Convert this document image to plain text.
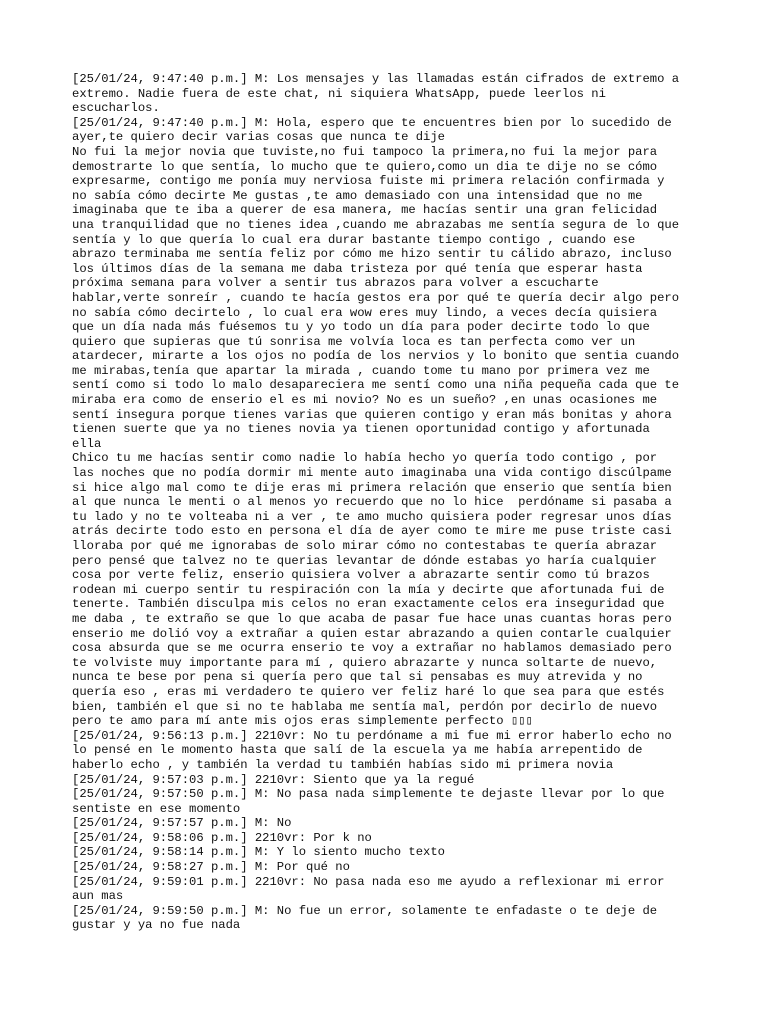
[25/01/24, 9:47:40 p.m.] M: Los mensajes y las llamadas están cifrados de extremo a
extremo. Nadie fuera de este chat, ni siquiera WhatsApp, puede leerlos ni
escucharlos.
[25/01/24, 9:47:40 p.m.] M: Hola, espero que te encuentres bien por lo sucedido de
ayer,te quiero decir varias cosas que nunca te dije
No fui la mejor novia que tuviste,no fui tampoco la primera,no fui la mejor para
demostrarte lo que sentía, lo mucho que te quiero,como un dia te dije no se cómo
expresarme, contigo me ponía muy nerviosa fuiste mi primera relación confirmada y
no sabía cómo decirte Me gustas ,te amo demasiado con una intensidad que no me
imaginaba que te iba a querer de esa manera, me hacías sentir una gran felicidad
una tranquilidad que no tienes idea ,cuando me abrazabas me sentía segura de lo que
sentía y lo que quería lo cual era durar bastante tiempo contigo , cuando ese
abrazo terminaba me sentía feliz por cómo me hizo sentir tu cálido abrazo, incluso
los últimos días de la semana me daba tristeza por qué tenía que esperar hasta
próxima semana para volver a sentir tus abrazos para volver a escucharte
hablar,verte sonreír , cuando te hacía gestos era por qué te quería decir algo pero
no sabía cómo decirtelo , lo cual era wow eres muy lindo, a veces decía quisiera
que un día nada más fuésemos tu y yo todo un día para poder decirte todo lo que
quiero que supieras que tú sonrisa me volvía loca es tan perfecta como ver un
atardecer, mirarte a los ojos no podía de los nervios y lo bonito que sentia cuando
me mirabas,tenía que apartar la mirada , cuando tome tu mano por primera vez me
sentí como si todo lo malo desapareciera me sentí como una niña pequeña cada que te
miraba era como de enserio el es mi novio? No es un sueño? ,en unas ocasiones me
sentí insegura porque tienes varias que quieren contigo y eran más bonitas y ahora
tienen suerte que ya no tienes novia ya tienen oportunidad contigo y afortunada
ella
Chico tu me hacías sentir como nadie lo había hecho yo quería todo contigo , por
las noches que no podía dormir mi mente auto imaginaba una vida contigo discúlpame
si hice algo mal como te dije eras mi primera relación que enserio que sentía bien
al que nunca le menti o al menos yo recuerdo que no lo hice  perdóname si pasaba a
tu lado y no te volteaba ni a ver , te amo mucho quisiera poder regresar unos días
atrás decirte todo esto en persona el día de ayer como te mire me puse triste casi
lloraba por qué me ignorabas de solo mirar cómo no contestabas te quería abrazar
pero pensé que talvez no te querias levantar de dónde estabas yo haría cualquier
cosa por verte feliz, enserio quisiera volver a abrazarte sentir como tú brazos
rodean mi cuerpo sentir tu respiración con la mía y decirte que afortunada fui de
tenerte. También disculpa mis celos no eran exactamente celos era inseguridad que
me daba , te extraño se que lo que acaba de pasar fue hace unas cuantas horas pero
enserio me dolió voy a extrañar a quien estar abrazando a quien contarle cualquier
cosa absurda que se me ocurra enserio te voy a extrañar no hablamos demasiado pero
te volviste muy importante para mí , quiero abrazarte y nunca soltarte de nuevo,
nunca te bese por pena si quería pero que tal si pensabas es muy atrevida y no
quería eso , eras mi verdadero te quiero ver feliz haré lo que sea para que estés
bien, también el que si no te hablaba me sentía mal, perdón por decirlo de nuevo
pero te amo para mí ante mis ojos eras simplemente perfecto ▯▯▯
[25/01/24, 9:56:13 p.m.] 2210vr: No tu perdóname a mi fue mi error haberlo echo no
lo pensé en le momento hasta que salí de la escuela ya me había arrepentido de
haberlo echo , y también la verdad tu también habías sido mi primera novia
[25/01/24, 9:57:03 p.m.] 2210vr: Siento que ya la regué
[25/01/24, 9:57:50 p.m.] M: No pasa nada simplemente te dejaste llevar por lo que
sentiste en ese momento
[25/01/24, 9:57:57 p.m.] M: No
[25/01/24, 9:58:06 p.m.] 2210vr: Por k no
[25/01/24, 9:58:14 p.m.] M: Y lo siento mucho texto
[25/01/24, 9:58:27 p.m.] M: Por qué no
[25/01/24, 9:59:01 p.m.] 2210vr: No pasa nada eso me ayudo a reflexionar mi error
aun mas
[25/01/24, 9:59:50 p.m.] M: No fue un error, solamente te enfadaste o te deje de
gustar y ya no fue nada
